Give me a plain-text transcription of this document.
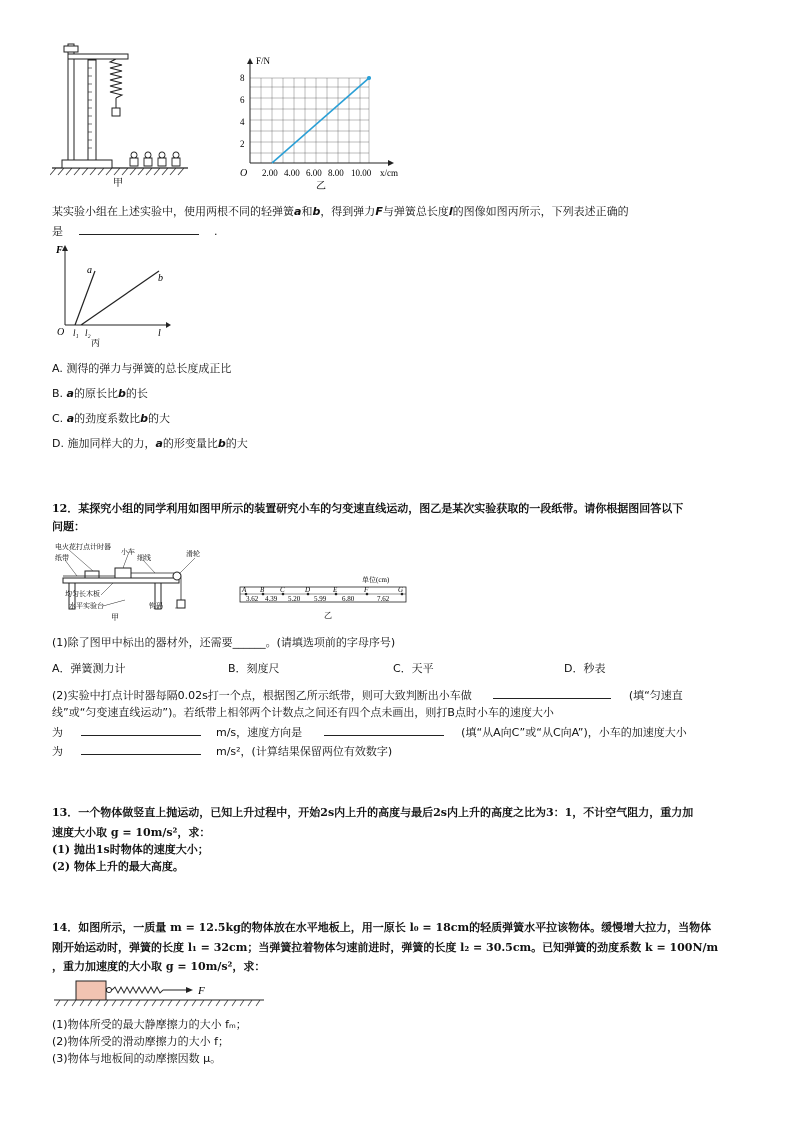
甲
F/N
8
6
4
2
O 2.00 4.00 6.00 8.00 10.00 x/cm
乙
某实验小组在上述实验中，使用两根不同的轻弹簧a和b，得到弹力F与弹簧总长度l的图像如图丙所示，下列表述正确的
是	.
F
a
b
O l₁ l₂	l
丙
A. 测得的弹力与弹簧的总长度成正比
B. a的原长比b的长
C. a的劲度系数比b的大
D. 施加同样大的力，a的形变量比b的大
12．某探究小组的同学利用如图甲所示的装置研究小车的匀变速直线运动，图乙是某次实验获取的一段纸带。请你根据图回答以下
问题：
电火花打点计时器
纸带
小车
细线	滑轮
均匀长木板
水平实验台	钩码
甲
单位(cm)
A B C	D	E	F	G
3.62 4.39 5.20 5.99 6.80	7.62
乙
(1)除了图甲中标出的器材外，还需要______。(请填选项前的字母序号)
A．弹簧测力计	B．刻度尺	C．天平	D．秒表
(2)实验中打点计时器每隔0.02s打一个点，根据图乙所示纸带，则可大致判断出小车做	(填“匀速直
线”或“匀变速直线运动”)。若纸带上相邻两个计数点之间还有四个点未画出，则打B点时小车的速度大小
为	m/s，速度方向是	(填“从A向C”或“从C向A”)，小车的加速度大小
为	m/s²，(计算结果保留两位有效数字)
13．一个物体做竖直上抛运动，已知上升过程中，开始2s内上升的高度与最后2s内上升的高度之比为3：1，不计空气阻力，重力加
速度大小取 g = 10m/s²，求：
(1) 抛出1s时物体的速度大小；
(2) 物体上升的最大高度。
14．如图所示，一质量 m = 12.5kg的物体放在水平地板上，用一原长 l₀ = 18cm的轻质弹簧水平拉该物体。缓慢增大拉力，当物体
刚开始运动时，弹簧的长度 l₁ = 32cm；当弹簧拉着物体匀速前进时，弹簧的长度 l₂ = 30.5cm。已知弹簧的劲度系数 k = 100N/m
，重力加速度的大小取 g = 10m/s²，求：
F
(1)物体所受的最大静摩擦力的大小 fₘ；
(2)物体所受的滑动摩擦力的大小 f；
(3)物体与地板间的动摩擦因数 μ。
